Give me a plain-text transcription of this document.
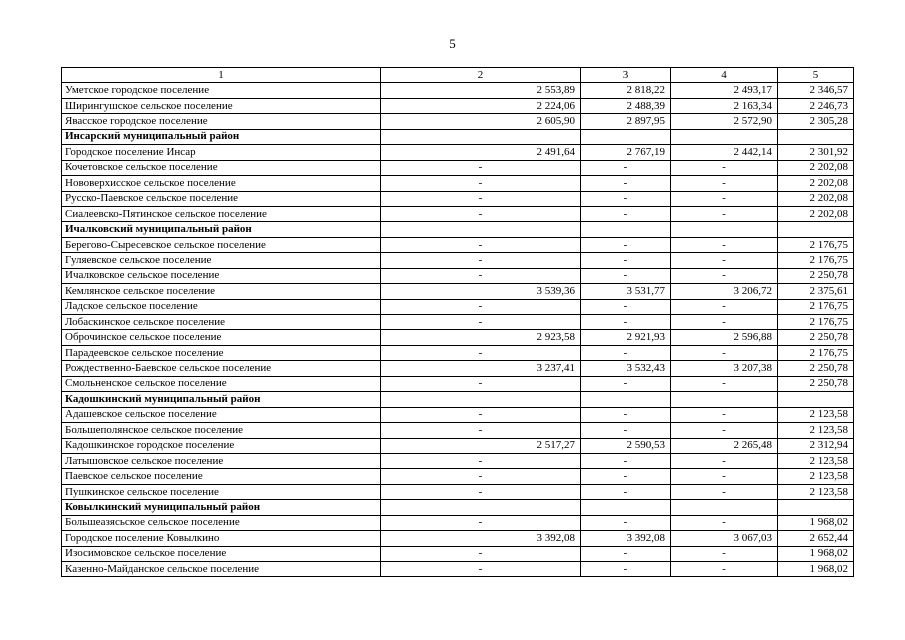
5
1	2	3	4	5
Уметское городское поселение	2 553,89	2 818,22	2 493,17	2 346,57
Ширингушское сельское поселение	2 224,06	2 488,39	2 163,34	2 246,73
Явасское городское поселение	2 605,90	2 897,95	2 572,90	2 305,28
Инсарский муниципальный район				
Городское поселение Инсар	2 491,64	2 767,19	2 442,14	2 301,92
Кочетовское сельское поселение	-	-	-	2 202,08
Нововерхисское сельское поселение	-	-	-	2 202,08
Русско-Паевское сельское поселение	-	-	-	2 202,08
Сиалеевско-Пятинское сельское поселение	-	-	-	2 202,08
Ичалковский муниципальный район				
Берегово-Сыресевское сельское поселение	-	-	-	2 176,75
Гуляевское сельское поселение	-	-	-	2 176,75
Ичалковское сельское поселение	-	-	-	2 250,78
Кемлянское сельское поселение	3 539,36	3 531,77	3 206,72	2 375,61
Ладское сельское поселение	-	-	-	2 176,75
Лобаскинское сельское поселение	-	-	-	2 176,75
Оброчинское сельское поселение	2 923,58	2 921,93	2 596,88	2 250,78
Парадеевское сельское поселение	-	-	-	2 176,75
Рождественно-Баевское сельское поселение	3 237,41	3 532,43	3 207,38	2 250,78
Смольненское сельское поселение	-	-	-	2 250,78
Кадошкинский муниципальный район				
Адашевское сельское поселение	-	-	-	2 123,58
Большеполянское сельское поселение	-	-	-	2 123,58
Кадошкинское городское поселение	2 517,27	2 590,53	2 265,48	2 312,94
Латышовское сельское поселение	-	-	-	2 123,58
Паевское сельское поселение	-	-	-	2 123,58
Пушкинское сельское поселение	-	-	-	2 123,58
Ковылкинский муниципальный район				
Большеазясьское сельское поселение	-	-	-	1 968,02
Городское поселение Ковылкино	3 392,08	3 392,08	3 067,03	2 652,44
Изосимовское сельское поселение	-	-	-	1 968,02
Казенно-Майданское сельское поселение	-	-	-	1 968,02
